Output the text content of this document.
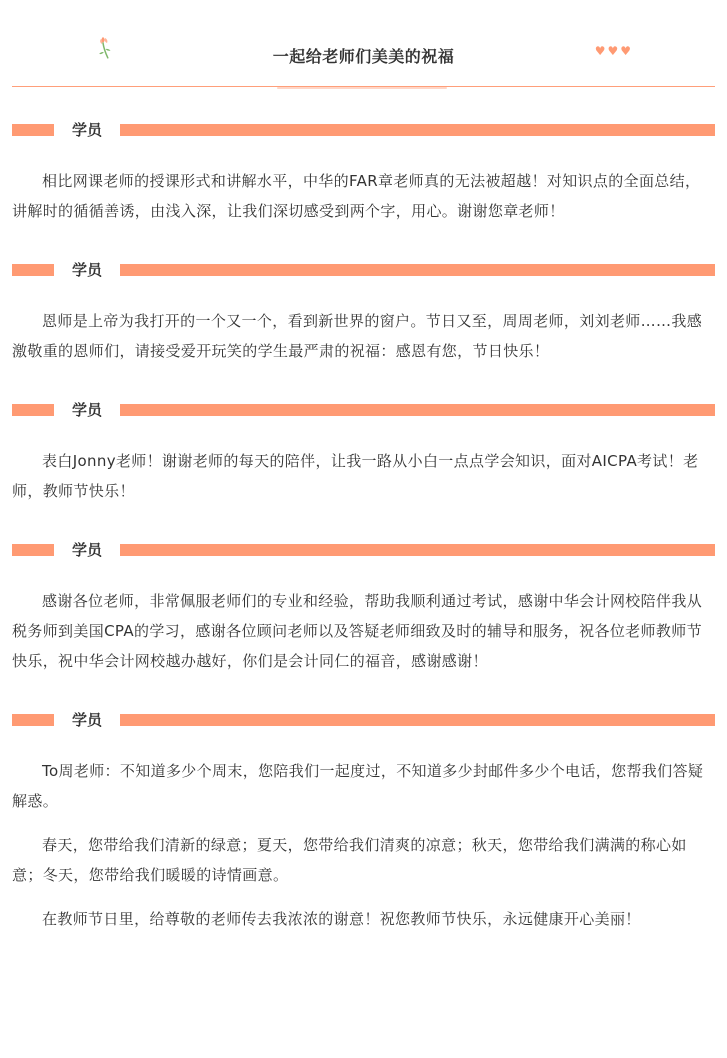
一起给老师们美美的祝福	♥ ♥ ♥
学员

相比网课老师的授课形式和讲解水平，中华的FAR章老师真的无法被超越！对知识点的全面总结，讲解时的循循善诱，由浅入深，让我们深切感受到两个字，用心。谢谢您章老师！

学员

恩师是上帝为我打开的一个又一个，看到新世界的窗户。节日又至，周周老师，刘刘老师……我感激敬重的恩师们，请接受爱开玩笑的学生最严肃的祝福：感恩有您，节日快乐！

学员

表白Jonny老师！谢谢老师的每天的陪伴，让我一路从小白一点点学会知识，面对AICPA考试！老师，教师节快乐！

学员

感谢各位老师，非常佩服老师们的专业和经验，帮助我顺利通过考试，感谢中华会计网校陪伴我从税务师到美国CPA的学习，感谢各位顾问老师以及答疑老师细致及时的辅导和服务，祝各位老师教师节快乐，祝中华会计网校越办越好，你们是会计同仁的福音，感谢感谢！

学员

To周老师：不知道多少个周末，您陪我们一起度过，不知道多少封邮件多少个电话，您帮我们答疑解惑。

春天，您带给我们清新的绿意；夏天，您带给我们清爽的凉意；秋天，您带给我们满满的称心如意；冬天，您带给我们暖暖的诗情画意。

在教师节日里，给尊敬的老师传去我浓浓的谢意！祝您教师节快乐，永远健康开心美丽！
